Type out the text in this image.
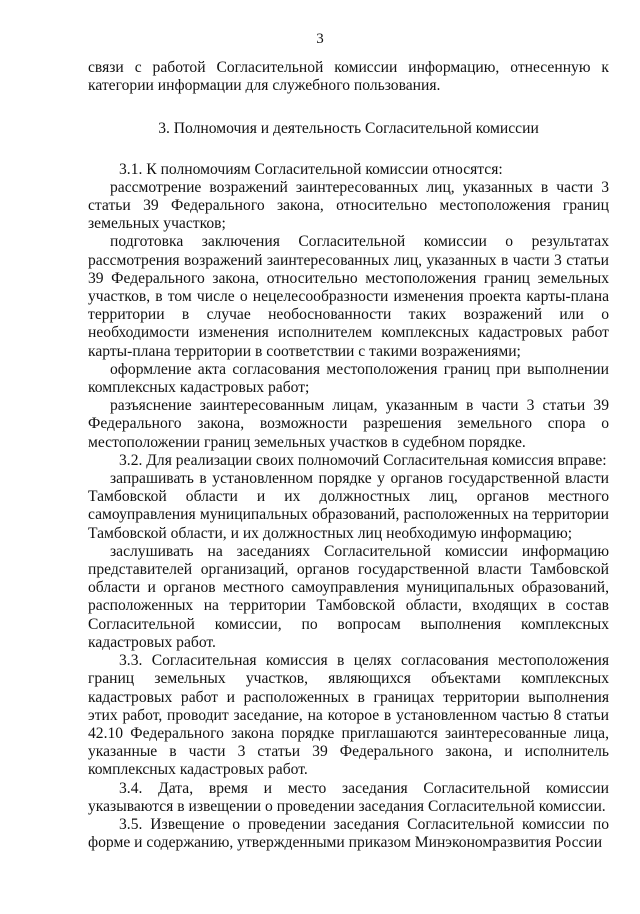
3

связи с работой Согласительной комиссии информацию, отнесенную к категории информации для служебного пользования.

3. Полномочия и деятельность Согласительной комиссии

3.1. К полномочиям Согласительной комиссии относятся:

рассмотрение возражений заинтересованных лиц, указанных в части 3 статьи 39 Федерального закона, относительно местоположения границ земельных участков;

подготовка заключения Согласительной комиссии о результатах рассмотрения возражений заинтересованных лиц, указанных в части 3 статьи 39 Федерального закона, относительно местоположения границ земельных участков, в том числе о нецелесообразности изменения проекта карты-плана территории в случае необоснованности таких возражений или о необходимости изменения исполнителем комплексных кадастровых работ карты-плана территории в соответствии с такими возражениями;

оформление акта согласования местоположения границ при выполнении комплексных кадастровых работ;

разъяснение заинтересованным лицам, указанным в части 3 статьи 39 Федерального закона, возможности разрешения земельного спора о местоположении границ земельных участков в судебном порядке.

3.2. Для реализации своих полномочий Согласительная комиссия вправе:

запрашивать в установленном порядке у органов государственной власти Тамбовской области и их должностных лиц, органов местного самоуправления муниципальных образований, расположенных на территории Тамбовской области, и их должностных лиц необходимую информацию;

заслушивать на заседаниях Согласительной комиссии информацию представителей организаций, органов государственной власти Тамбовской области и органов местного самоуправления муниципальных образований, расположенных на территории Тамбовской области, входящих в состав Согласительной комиссии, по вопросам выполнения комплексных кадастровых работ.

3.3. Согласительная комиссия в целях согласования местоположения границ земельных участков, являющихся объектами комплексных кадастровых работ и расположенных в границах территории выполнения этих работ, проводит заседание, на которое в установленном частью 8 статьи 42.10 Федерального закона порядке приглашаются заинтересованные лица, указанные в части 3 статьи 39 Федерального закона, и исполнитель комплексных кадастровых работ.

3.4. Дата, время и место заседания Согласительной комиссии указываются в извещении о проведении заседания Согласительной комиссии.

3.5. Извещение о проведении заседания Согласительной комиссии по форме и содержанию, утвержденными приказом Минэкономразвития России
